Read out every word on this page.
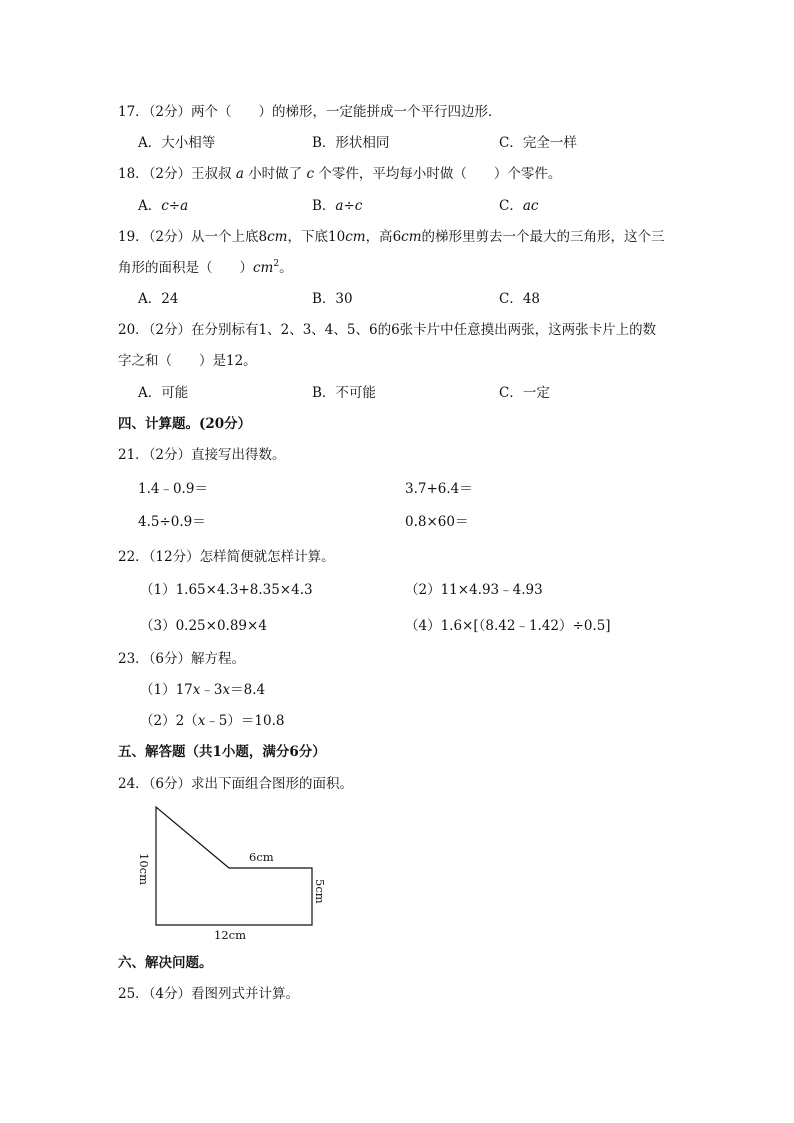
17．（2分）两个（　　）的梯形，一定能拼成一个平行四边形．
A．大小相等	B．形状相同	C．完全一样
18．（2分）王叔叔 a 小时做了 c 个零件，平均每小时做（　　）个零件。
A．c÷a	B．a÷c	C．ac
19．（2分）从一个上底8cm，下底10cm，高6cm的梯形里剪去一个最大的三角形，这个三
角形的面积是（　　）$cm^2$。
A．24	B．30	C．48
20．（2分）在分别标有1、2、3、4、5、6的6张卡片中任意摸出两张，这两张卡片上的数
字之和（　　）是12。
A．可能	B．不可能	C．一定
四、计算题。(20分）
21．（2分）直接写出得数。
1.4﹣0.9＝	3.7+6.4＝
4.5÷0.9＝	0.8×60＝
22．（12分）怎样简便就怎样计算。
（1）1.65×4.3+8.35×4.3	（2）11×4.93﹣4.93
（3）0.25×0.89×4	（4）1.6×[（8.42﹣1.42）÷0.5]
23．（6分）解方程。
（1）17x﹣3x＝8.4
（2）2（x﹣5）＝10.8
五、解答题（共1小题，满分6分）
24．（6分）求出下面组合图形的面积。
10cm	6cm
5cm
12cm
六、解决问题。
25．（4分）看图列式并计算。
